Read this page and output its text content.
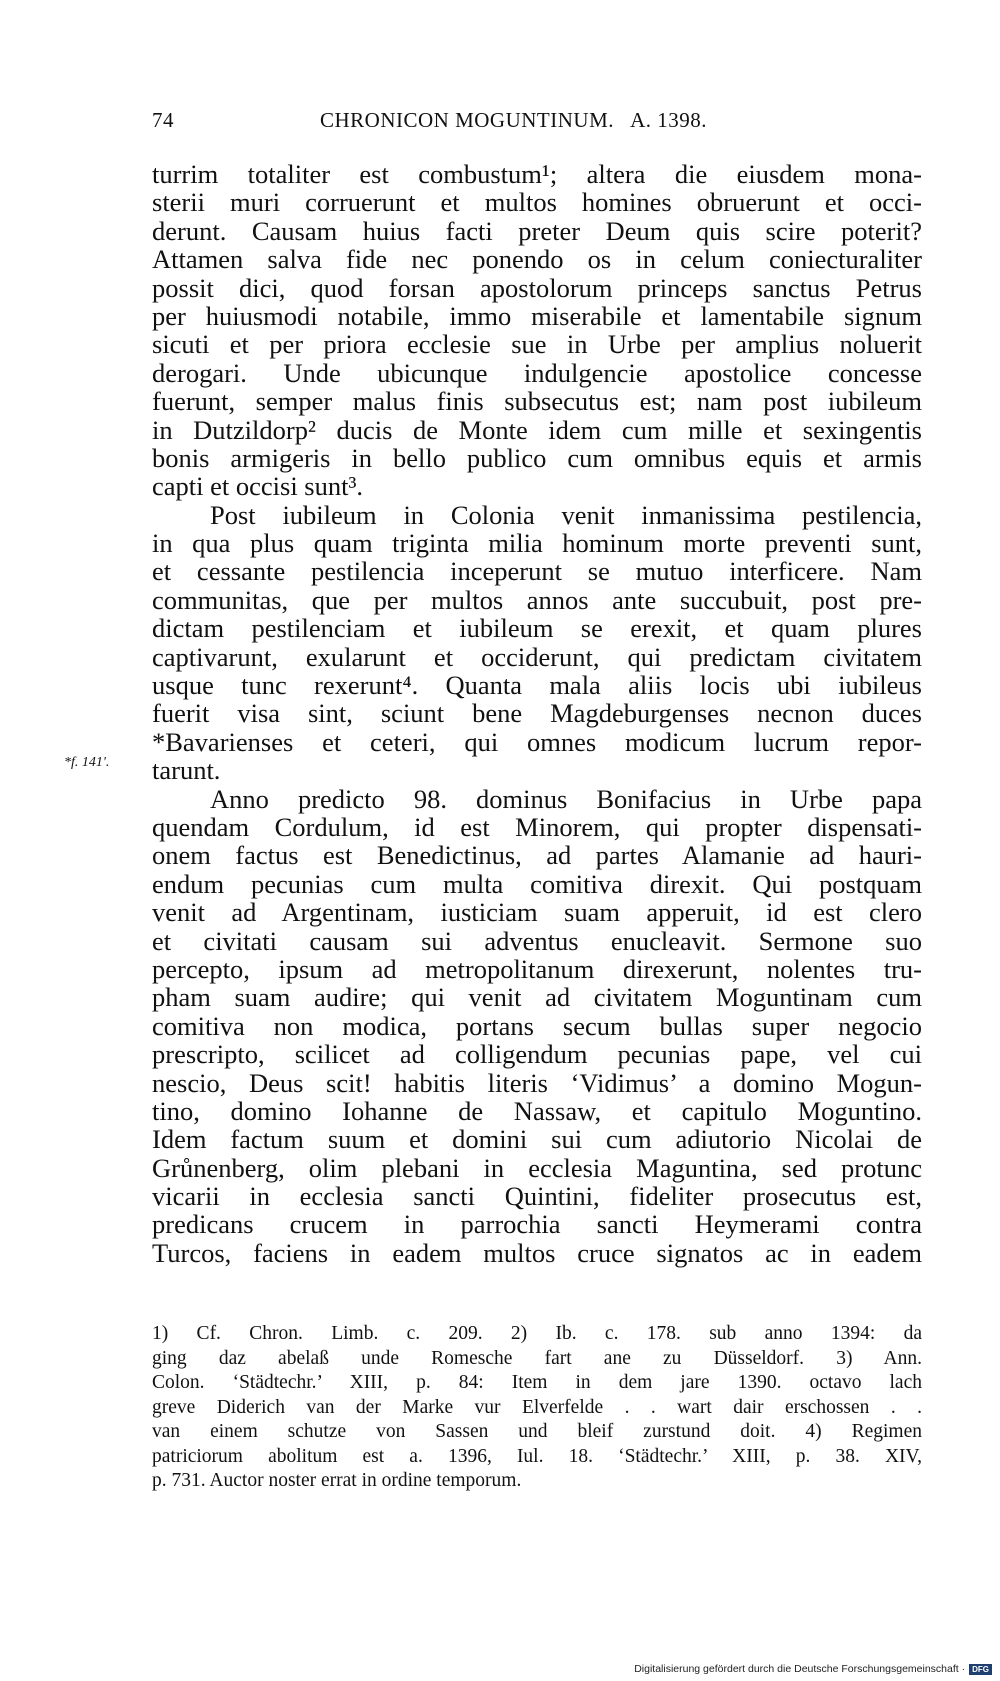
74	CHRONICON MOGUNTINUM.   A. 1398.
*f. 141'.
turrim totaliter est combustum¹; altera die eiusdem mona-
sterii muri corruerunt et multos homines obruerunt et occi-
derunt. Causam huius facti preter Deum quis scire poterit?
Attamen salva fide nec ponendo os in celum coniecturaliter
possit dici, quod forsan apostolorum princeps sanctus Petrus
per huiusmodi notabile, immo miserabile et lamentabile signum
sicuti et per priora ecclesie sue in Urbe per amplius noluerit
derogari. Unde ubicunque indulgencie apostolice concesse
fuerunt, semper malus finis subsecutus est; nam post iubileum
in Dutzildorp² ducis de Monte idem cum mille et sexingentis
bonis armigeris in bello publico cum omnibus equis et armis
capti et occisi sunt³.
Post iubileum in Colonia venit inmanissima pestilencia,
in qua plus quam triginta milia hominum morte preventi sunt,
et cessante pestilencia inceperunt se mutuo interficere. Nam
communitas, que per multos annos ante succubuit, post pre-
dictam pestilenciam et iubileum se erexit, et quam plures
captivarunt, exularunt et occiderunt, qui predictam civitatem
usque tunc rexerunt⁴. Quanta mala aliis locis ubi iubileus
fuerit visa sint, sciunt bene Magdeburgenses necnon duces
*Bavarienses et ceteri, qui omnes modicum lucrum repor-
tarunt.
Anno predicto 98. dominus Bonifacius in Urbe papa
quendam Cordulum, id est Minorem, qui propter dispensati-
onem factus est Benedictinus, ad partes Alamanie ad hauri-
endum pecunias cum multa comitiva direxit. Qui postquam
venit ad Argentinam, iusticiam suam apperuit, id est clero
et civitati causam sui adventus enucleavit. Sermone suo
percepto, ipsum ad metropolitanum direxerunt, nolentes tru-
pham suam audire; qui venit ad civitatem Moguntinam cum
comitiva non modica, portans secum bullas super negocio
prescripto, scilicet ad colligendum pecunias pape, vel cui
nescio, Deus scit! habitis literis ‘Vidimus’ a domino Mogun-
tino, domino Iohanne de Nassaw, et capitulo Moguntino.
Idem factum suum et domini sui cum adiutorio Nicolai de
Grůnenberg, olim plebani in ecclesia Maguntina, sed protunc
vicarii in ecclesia sancti Quintini, fideliter prosecutus est,
predicans crucem in parrochia sancti Heymerami contra
Turcos, faciens in eadem multos cruce signatos ac in eadem
1) Cf. Chron. Limb. c. 209. 2) Ib. c. 178. sub anno 1394: da
ging daz abelaß unde Romesche fart ane zu Düsseldorf. 3) Ann.
Colon. ‘Städtechr.’ XIII, p. 84: Item in dem jare 1390. octavo lach
greve Diderich van der Marke vur Elverfelde . . wart dair erschossen . .
van einem schutze von Sassen und bleif zurstund doit. 4) Regimen
patriciorum abolitum est a. 1396, Iul. 18. ‘Städtechr.’ XIII, p. 38. XIV,
p. 731. Auctor noster errat in ordine temporum.
Digitalisierung gefördert durch die Deutsche Forschungsgemeinschaft · DFG
